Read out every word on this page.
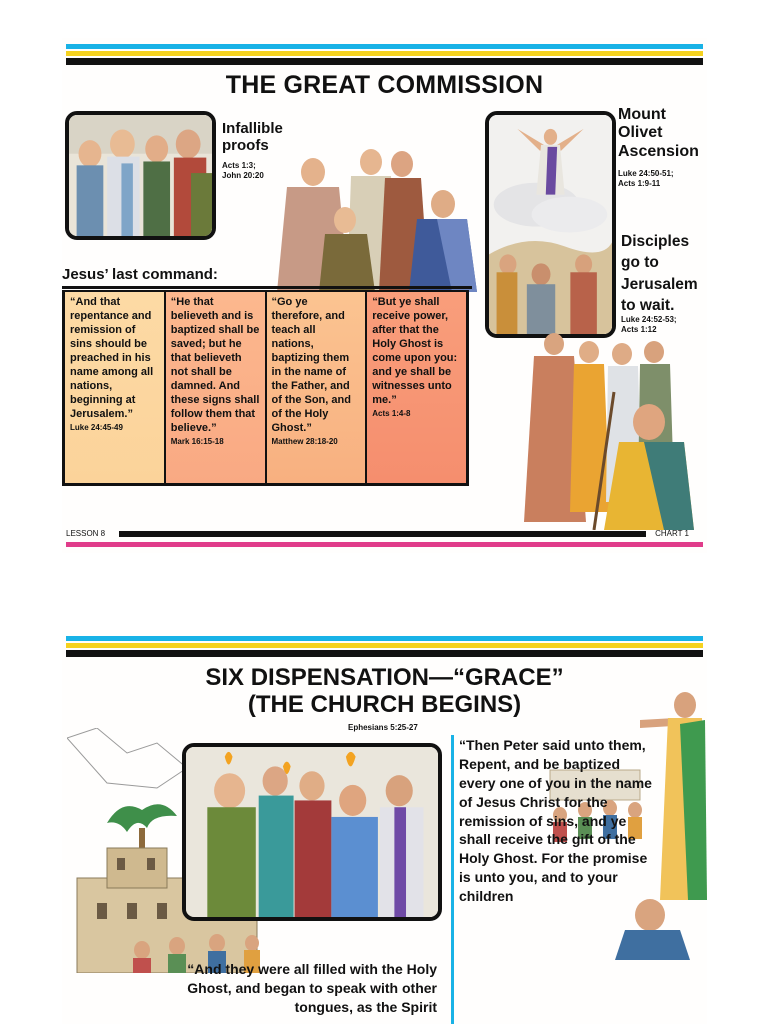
THE GREAT COMMISSION
Infallible
proofs
Acts 1:3;
John 20:20
Mount
Olivet
Ascension
Luke 24:50-51;
Acts 1:9-11
Disciples
go to
Jerusalem
to wait.
Luke 24:52-53;
Acts 1:12
Jesus’ last command:
“And that repentance and remission of sins should be preached in his name among all nations, beginning at Jerusalem.”
Luke 24:45-49
“He that believeth and is baptized shall be saved; but he that believeth not shall be damned. And these signs shall follow them that believe.”
Mark 16:15-18
“Go ye therefore, and teach all nations, baptizing them in the name of the Father, and of the Son, and of the Holy Ghost.”
Matthew 28:18-20
“But ye shall receive power, after that the Holy Ghost is come upon you: and ye shall be witnesses unto me.”
Acts 1:4-8
LESSON 8	CHART 1
SIX DISPENSATION—“GRACE”
(THE CHURCH BEGINS)
Ephesians 5:25-27
“Then Peter said unto them, Repent, and be baptized every one of you in the name of Jesus Christ for the remission of sins, and ye shall receive the gift of the Holy Ghost. For the promise is unto you, and to your children
“And they were all filled with the Holy Ghost, and began to speak with other tongues, as the Spirit
